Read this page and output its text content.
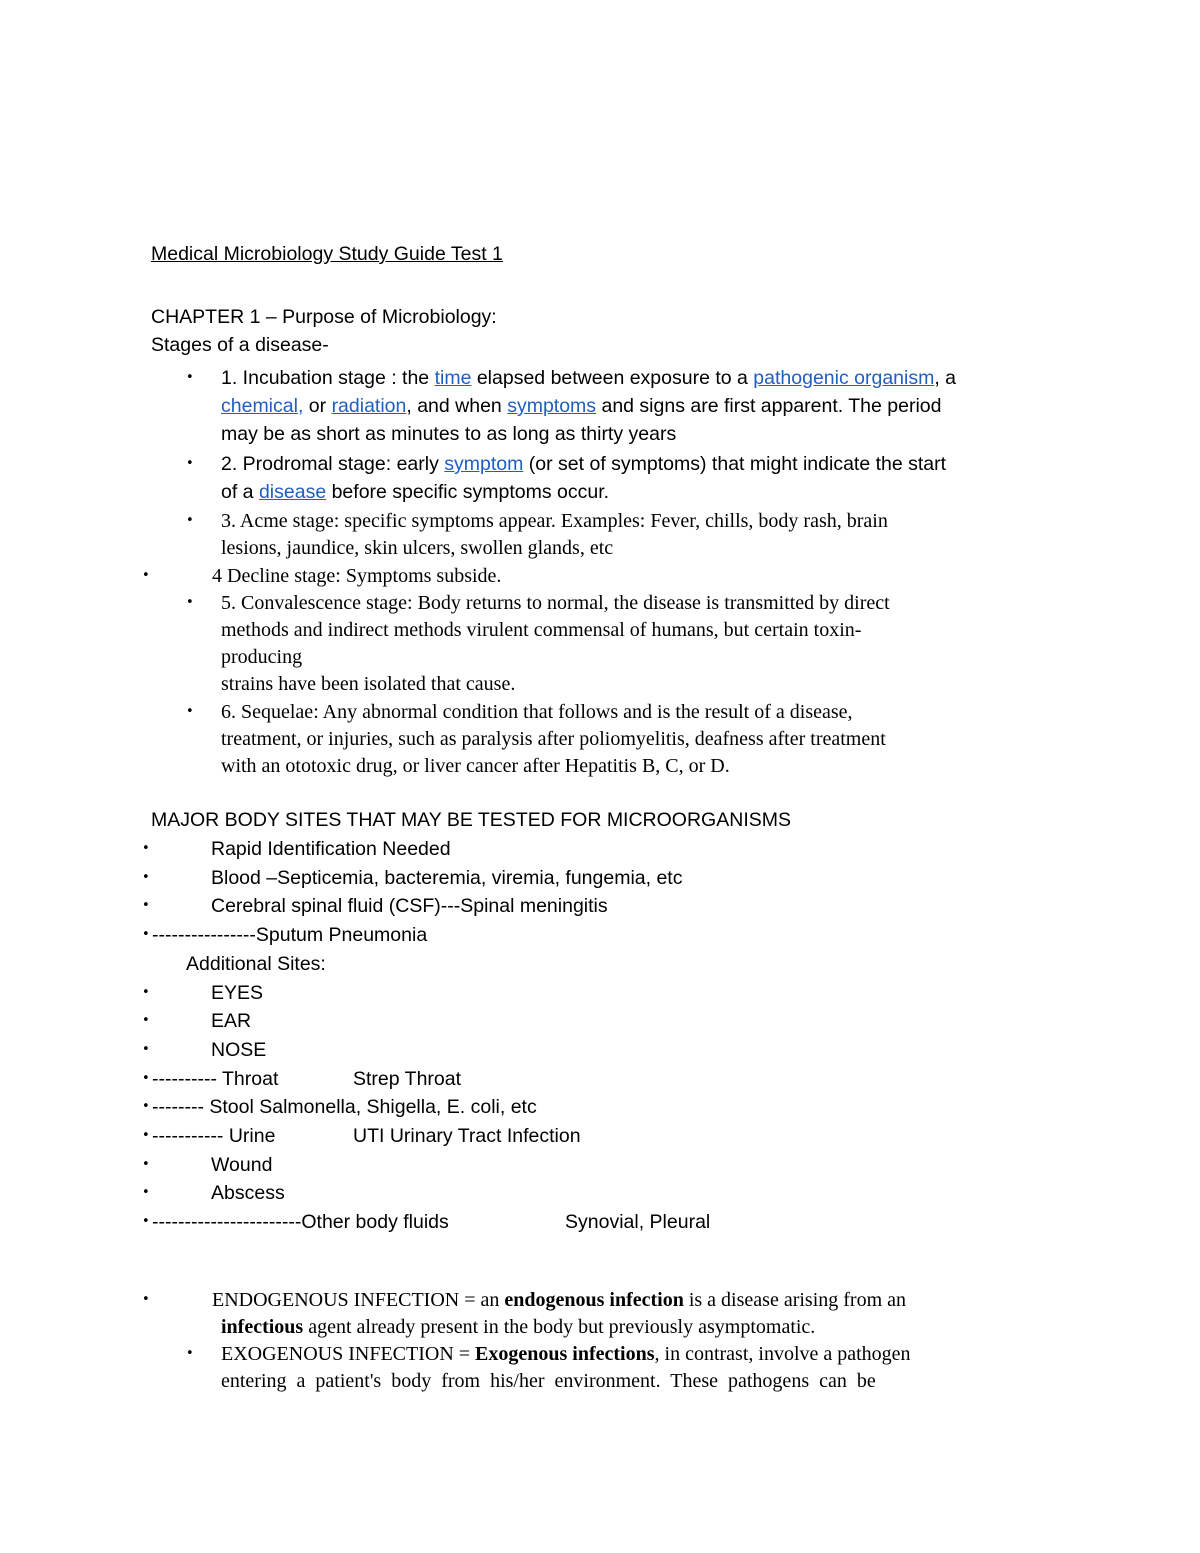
Medical Microbiology Study Guide Test 1
CHAPTER 1 – Purpose of Microbiology:
Stages of a disease-
• 1. Incubation stage : the time elapsed between exposure to a pathogenic organism, a
chemical, or radiation, and when symptoms and signs are first apparent. The period
may be as short as minutes to as long as thirty years
• 2. Prodromal stage: early symptom (or set of symptoms) that might indicate the start
of a disease before specific symptoms occur.
• 3. Acme stage: specific symptoms appear. Examples: Fever, chills, body rash, brain
lesions, jaundice, skin ulcers, swollen glands, etc
•	4 Decline stage: Symptoms subside.
• 5. Convalescence stage: Body returns to normal, the disease is transmitted by direct
methods and indirect methods virulent commensal of humans, but certain toxin-
producing
strains have been isolated that cause.
• 6. Sequelae: Any abnormal condition that follows and is the result of a disease,
treatment, or injuries, such as paralysis after poliomyelitis, deafness after treatment
with an ototoxic drug, or liver cancer after Hepatitis B, C, or D.
MAJOR BODY SITES THAT MAY BE TESTED FOR MICROORGANISMS
•	Rapid Identification Needed
•	Blood –Septicemia, bacteremia, viremia, fungemia, etc
•	Cerebral spinal fluid (CSF)---Spinal meningitis
• ----------------Sputum Pneumonia
Additional Sites:
•	EYES
•	EAR
•	NOSE
• ---------- Throat	Strep Throat
• -------- Stool Salmonella, Shigella, E. coli, etc
• ----------- Urine	UTI Urinary Tract Infection
•	Wound
•	Abscess
• -----------------------Other body fluids	Synovial, Pleural
•	ENDOGENOUS INFECTION = an endogenous infection is a disease arising from an
infectious agent already present in the body but previously asymptomatic.
• EXOGENOUS INFECTION = Exogenous infections, in contrast, involve a pathogen
entering  a  patient's  body  from  his/her  environment.  These  pathogens  can  be
